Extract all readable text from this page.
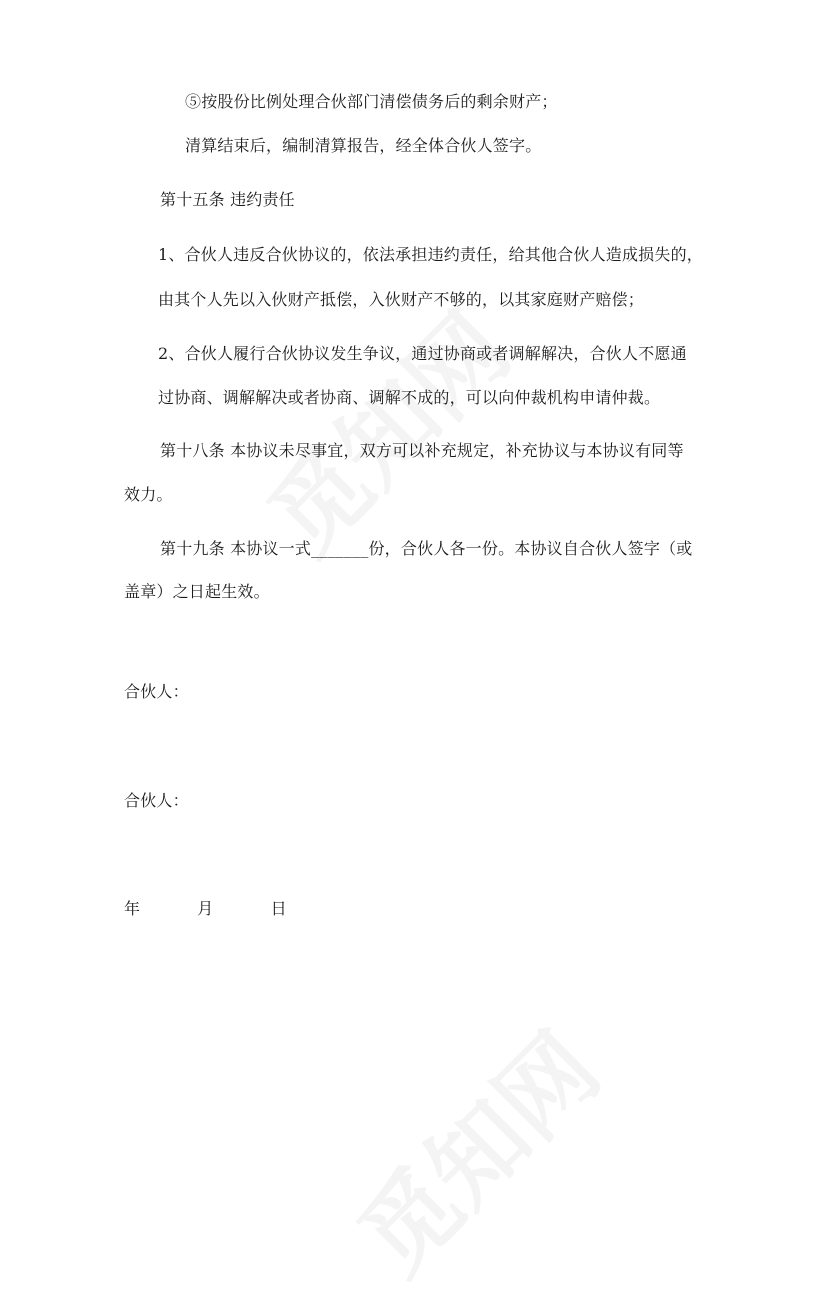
⑤按股份比例处理合伙部门清偿债务后的剩余财产；
清算结束后，编制清算报告，经全体合伙人签字。
第十五条 违约责任
1、合伙人违反合伙协议的，依法承担违约责任，给其他合伙人造成损失的，
由其个人先以入伙财产抵偿，入伙财产不够的，以其家庭财产赔偿；
2、合伙人履行合伙协议发生争议，通过协商或者调解解决，合伙人不愿通
过协商、调解解决或者协商、调解不成的，可以向仲裁机构申请仲裁。
第十八条 本协议未尽事宜，双方可以补充规定，补充协议与本协议有同等
效力。
第十九条 本协议一式_______份，合伙人各一份。本协议自合伙人签字（或
盖章）之日起生效。
合伙人：
合伙人：
年	月	日
